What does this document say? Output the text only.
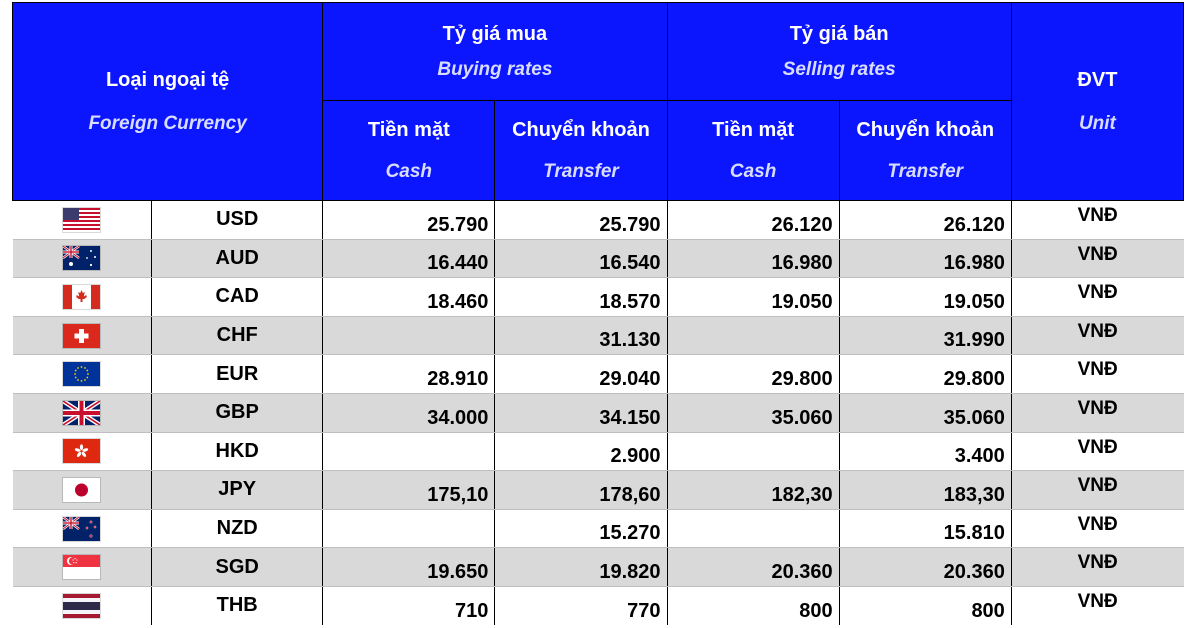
Loại ngoại tệ
Foreign Currency		Tỷ giá mua
Buying rates		Tỷ giá bán
Selling rates		ĐVT
Unit

		Tiền mặt
Cash	Chuyển khoản
Transfer	Tiền mặt
Cash	Chuyển khoản
Transfer	

	USD	25.790	25.790	26.120	26.120	VNĐ

	AUD	16.440	16.540	16.980	16.980	VNĐ

	CAD	18.460	18.570	19.050	19.050	VNĐ

	CHF		31.130		31.990	VNĐ

	EUR	28.910	29.040	29.800	29.800	VNĐ

	GBP	34.000	34.150	35.060	35.060	VNĐ

	HKD		2.900		3.400	VNĐ

	JPY	175,10	178,60	182,30	183,30	VNĐ

	NZD		15.270		15.810	VNĐ

	SGD	19.650	19.820	20.360	20.360	VNĐ

	THB	710	770	800	800	VNĐ
